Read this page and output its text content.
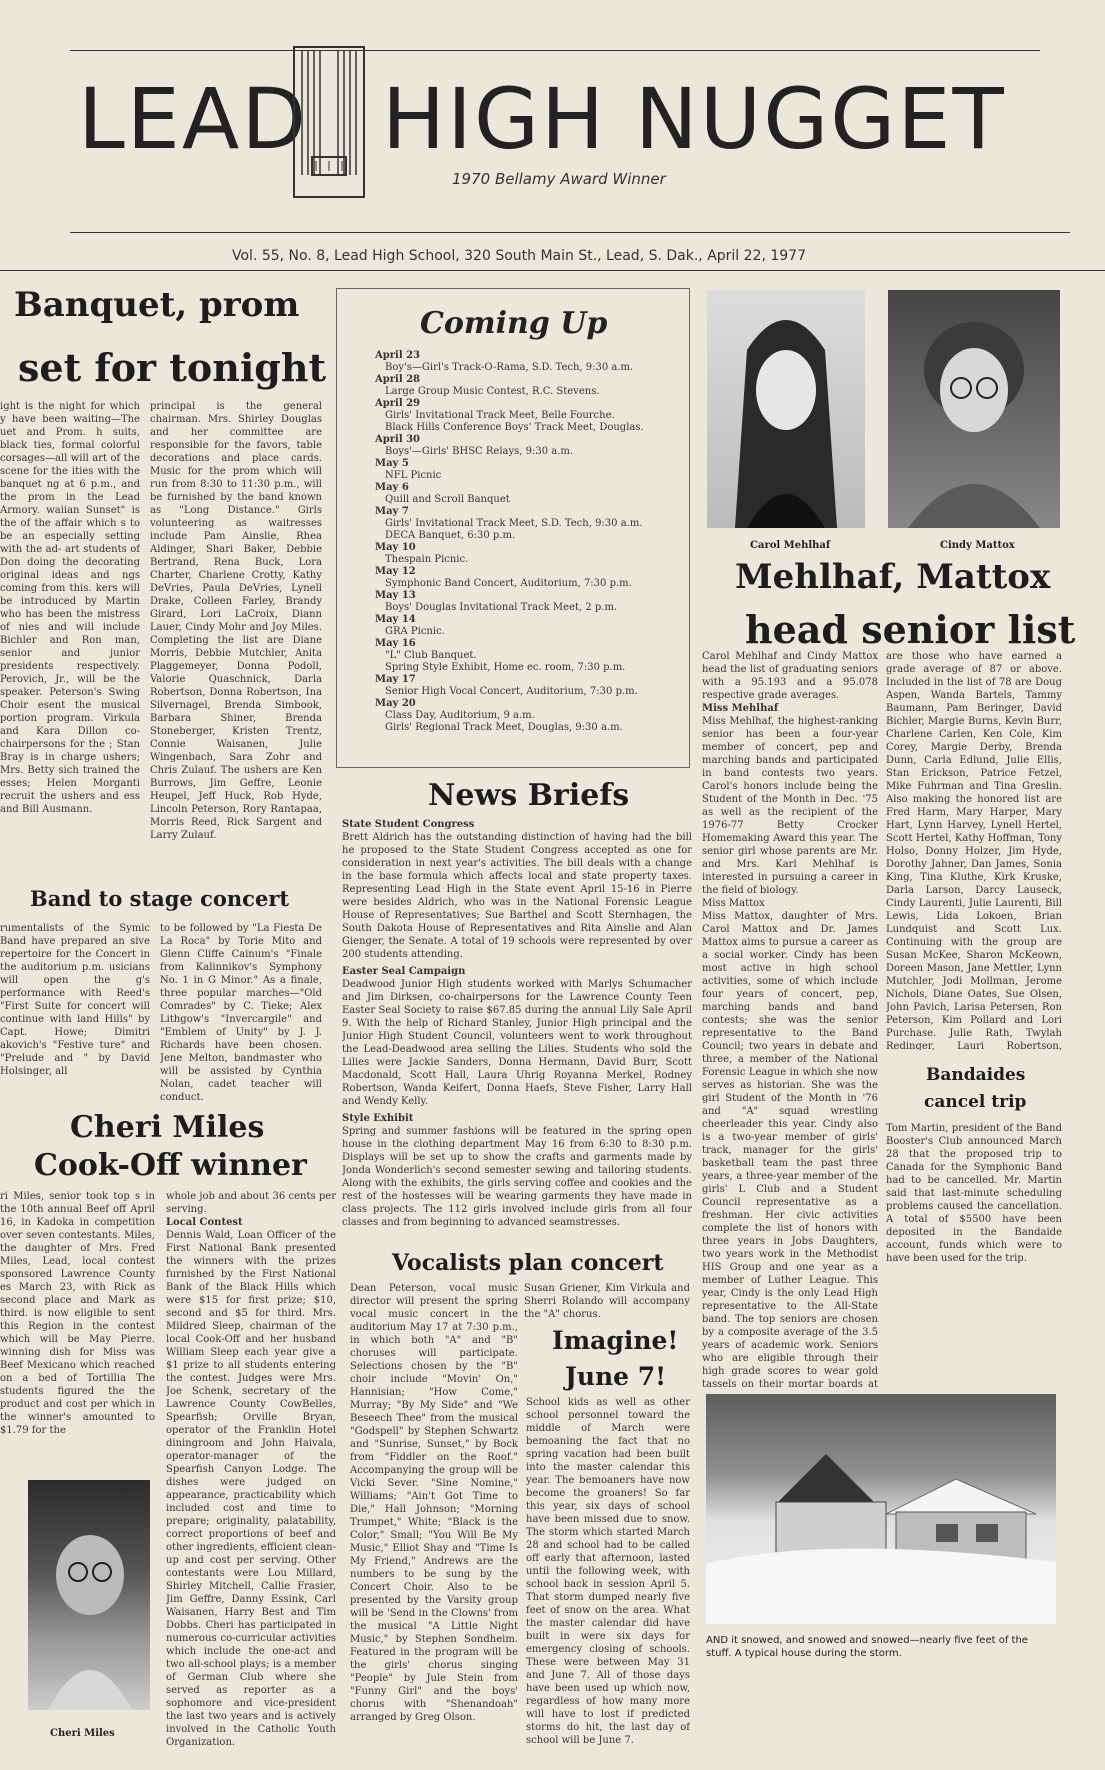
LEAD HIGH NUGGET
1970 Bellamy Award Winner
Vol. 55, No. 8, Lead High School, 320 South Main St., Lead, S. Dak., April 22, 1977
Banquet, prom
set for tonight
ight is the night for which y have been waiting—The uet and Prom. h suits, black ties, formal colorful corsages—all will art of the scene for the ities with the banquet ng at 6 p.m., and the prom in the Lead Armory. waiian Sunset" is the of the affair which s to be an especially setting with the ad- art students of Don doing the decorating original ideas and ngs coming from this. kers will be introduced by Martin who has been the mistress of nies and will include Bichler and Ron man, senior and junior presidents respectively. Perovich, Jr., will be the speaker. Peterson's Swing Choir esent the musical portion program. Virkula and Kara Dillon co-chairpersons for the ; Stan Bray is in charge ushers; Mrs. Betty sich trained the esses; Helen Morganti recruit the ushers and ess and Bill Ausmann.
principal is the general chairman. Mrs. Shirley Douglas and her committee are responsible for the favors, table decorations and place cards. Music for the prom which will run from 8:30 to 11:30 p.m., will be furnished by the band known as "Long Distance." Girls volunteering as waitresses include Pam Ainslie, Rhea Aldinger, Shari Baker, Debbie Bertrand, Rena Buck, Lora Charter, Charlene Crotty, Kathy DeVries, Paula DeVries, Lynell Drake, Colleen Farley, Brandy Girard, Lori LaCroix, Diann Lauer, Cindy Mohr and Joy Miles. Completing the list are Diane Morris, Debbie Mutchler, Anita Plaggemeyer, Donna Podoll, Valorie Quaschnick, Darla Robertson, Donna Robertson, Ina Silvernagel, Brenda Simbook, Barbara Shiner, Brenda Stoneberger, Kristen Trentz, Connie Waisanen, Julie Wingenbach, Sara Zohr and Chris Zulauf. The ushers are Ken Burrows, Jim Geffre, Leonie Heupel, Jeff Huck, Rob Hyde, Lincoln Peterson, Rory Rantapaa, Morris Reed, Rick Sargent and Larry Zulauf.
Band to stage concert
rumentalists of the Symic Band have prepared an sive repertoire for the Concert in the auditorium p.m. usicians will open the g's performance with Reed's "First Suite for concert will continue with land Hills" by Capt. Howe; Dimitri akovich's "Festive ture" and "Prelude and " by David Holsinger, all
to be followed by "La Fiesta De La Roca" by Torie Mito and Glenn Cliffe Cainum's "Finale from Kalinnikov's Symphony No. 1 in G Minor." As a finale, three popular marches—"Old Comrades" by C. Tieke; Alex Lithgow's "Invercargile" and "Emblem of Unity" by J. J. Richards have been chosen. Jene Melton, bandmaster who will be assisted by Cynthia Nolan, cadet teacher will conduct.
Cheri Miles
Cook-Off winner
ri Miles, senior took top s in the 10th annual Beef off April 16, in Kadoka in competition over seven contestants. Miles, the daughter of Mrs. Fred Miles, Lead, local contest sponsored Lawrence County es March 23, with Rick as second place and Mark as third. is now eligible to sent this Region in the contest which will be May Pierre. winning dish for Miss was Beef Mexicano which reached on a bed of Tortillia The students figured the the product and cost per which in the winner's amounted to $1.79 for the
whole job and about 36 cents per serving.
Local Contest
Dennis Wald, Loan Officer of the First National Bank presented the winners with the prizes furnished by the First National Bank of the Black Hills which were $15 for first prize; $10, second and $5 for third. Mrs. Mildred Sleep, chairman of the local Cook-Off and her husband William Sleep each year give a $1 prize to all students entering the contest. Judges were Mrs. Joe Schenk, secretary of the Lawrence County CowBelles, Spearfish; Orville Bryan, operator of the Franklin Hotel diningroom and John Haivala, operator-manager of the Spearfish Canyon Lodge. The dishes were judged on appearance, practicability which included cost and time to prepare; originality, palatability, correct proportions of beef and other ingredients, efficient clean-up and cost per serving. Other contestants were Lou Millard, Shirley Mitchell, Callie Frasier, Jim Geffre, Danny Essink, Carl Waisanen, Harry Best and Tim Dobbs. Cheri has participated in numerous co-curricular activities which include the one-act and two all-school plays; is a member of German Club where she served as reporter as a sophomore and vice-president the last two years and is actively involved in the Catholic Youth Organization.
Cheri Miles
Coming Up
April 23
Boy's—Girl's Track-O-Rama, S.D. Tech, 9:30 a.m.
April 28
Large Group Music Contest, R.C. Stevens.
April 29
Girls' Invitational Track Meet, Belle Fourche.
Black Hills Conference Boys' Track Meet, Douglas.
April 30
Boys'—Girls' BHSC Relays, 9:30 a.m.
May 5
NFL Picnic
May 6
Quill and Scroll Banquet
May 7
Girls' Invitational Track Meet, S.D. Tech, 9:30 a.m.
DECA Banquet, 6:30 p.m.
May 10
Thespain Picnic.
May 12
Symphonic Band Concert, Auditorium, 7:30 p.m.
May 13
Boys' Douglas Invitational Track Meet, 2 p.m.
May 14
GRA Picnic.
May 16
"L" Club Banquet.
Spring Style Exhibit, Home ec. room, 7:30 p.m.
May 17
Senior High Vocal Concert, Auditorium, 7:30 p.m.
May 20
Class Day, Auditorium, 9 a.m.
Girls' Regional Track Meet, Douglas, 9:30 a.m.
News Briefs
State Student Congress
Brett Aldrich has the outstanding distinction of having had the bill he proposed to the State Student Congress accepted as one for consideration in next year's activities. The bill deals with a change in the base formula which affects local and state property taxes. Representing Lead High in the State event April 15-16 in Pierre were besides Aldrich, who was in the National Forensic League House of Representatives; Sue Barthel and Scott Sternhagen, the South Dakota House of Representatives and Rita Ainslie and Alan Gienger, the Senate. A total of 19 schools were represented by over 200 students attending.
Easter Seal Campaign
Deadwood Junior High students worked with Marlys Schumacher and Jim Dirksen, co-chairpersons for the Lawrence County Teen Easter Seal Society to raise $67.85 during the annual Lily Sale April 9. With the help of Richard Stanley, Junior High principal and the Junior High Student Council, volunteers went to work throughout the Lead-Deadwood area selling the Lilies. Students who sold the Lilies were Jackie Sanders, Donna Hermann, David Burr, Scott Macdonald, Scott Hall, Laura Uhrig Royanna Merkel, Rodney Robertson, Wanda Keifert, Donna Haefs, Steve Fisher, Larry Hall and Wendy Kelly.
Style Exhibit
Spring and summer fashions will be featured in the spring open house in the clothing department May 16 from 6:30 to 8:30 p.m. Displays will be set up to show the crafts and garments made by Jonda Wonderlich's second semester sewing and tailoring students. Along with the exhibits, the girls serving coffee and cookies and the rest of the hostesses will be wearing garments they have made in class projects. The 112 girls involved include girls from all four classes and from beginning to advanced seamstresses.
Vocalists plan concert
Dean Peterson, vocal music director will present the spring vocal music concert in the auditorium May 17 at 7:30 p.m., in which both "A" and "B" choruses will participate. Selections chosen by the "B" choir include "Movin' On," Hannisian; "How Come," Murray; "By My Side" and "We Beseech Thee" from the musical "Godspell" by Stephen Schwartz and "Sunrise, Sunset," by Bock from "Fiddler on the Roof." Accompanying the group will be Vicki Sever. "Sine Nomine," Williams; "Ain't Got Time to Die," Hall Johnson; "Morning Trumpet," White; "Black is the Color," Small; "You Will Be My Music," Elliot Shay and "Time Is My Friend," Andrews are the numbers to be sung by the Concert Choir. Also to be presented by the Varsity group will be 'Send in the Clowns' from the musical "A Little Night Music," by Stephen Sondheim. Featured in the program will be the girls' chorus singing "People" by Jule Stein from "Funny Girl" and the boys' chorus with "Shenandoah" arranged by Greg Olson.
Susan Griener, Kim Virkula and Sherri Rolando will accompany the "A" chorus.
Imagine!
June 7!
School kids as well as other school personnel toward the middle of March were bemoaning the fact that no spring vacation had been built into the master calendar this year. The bemoaners have now become the groaners! So far this year, six days of school have been missed due to snow. The storm which started March 28 and school had to be called off early that afternoon, lasted until the following week, with school back in session April 5. That storm dumped nearly five feet of snow on the area. What the master calendar did have built in were six days for emergency closing of schools. These were between May 31 and June 7. All of those days have been used up which now, regardless of how many more will have to lost if predicted storms do hit, the last day of school will be June 7.
Carol Mehlhaf	Cindy Mattox
Mehlhaf, Mattox
head senior list
Carol Mehlhaf and Cindy Mattox head the list of graduating seniors with a 95.193 and a 95.078 respective grade averages.
Miss Mehlhaf
Miss Mehlhaf, the highest-ranking senior has been a four-year member of concert, pep and marching bands and participated in band contests two years. Carol's honors include being the Student of the Month in Dec. '75 as well as the recipient of the 1976-77 Betty Crocker Homemaking Award this year. The senior girl whose parents are Mr. and Mrs. Karl Mehlhaf is interested in pursuing a career in the field of biology.
Miss Mattox
Miss Mattox, daughter of Mrs. Carol Mattox and Dr. James Mattox aims to pursue a career as a social worker. Cindy has been most active in high school activities, some of which include four years of concert, pep, marching bands and band contests; she was the senior representative to the Band Council; two years in debate and three, a member of the National Forensic League in which she now serves as historian. She was the girl Student of the Month in '76 and "A" squad wrestling cheerleader this year. Cindy also is a two-year member of girls' track, manager for the girls' basketball team the past three years, a three-year member of the girls' L Club and a Student Council representative as a freshman. Her civic activities complete the list of honors with three years in Jobs Daughters, two years work in the Methodist HIS Group and one year as a member of Luther League. This year, Cindy is the only Lead High representative to the All-State band. The top seniors are chosen by a composite average of the 3.5 years of academic work. Seniors who are eligible through their high grade scores to wear gold tassels on their mortar boards at
are those who have earned a grade average of 87 or above. Included in the list of 78 are Doug Aspen, Wanda Bartels, Tammy Baumann, Pam Beringer, David Bichler, Margie Burns, Kevin Burr, Charlene Carlen, Ken Cole, Kim Corey, Margie Derby, Brenda Dunn, Carla Edlund, Julie Ellis, Stan Erickson, Patrice Fetzel, Mike Fuhrman and Tina Greslin. Also making the honored list are Fred Harm, Mary Harper, Mary Hart, Lynn Harvey, Lynell Hertel, Scott Hertel, Kathy Hoffman, Tony Holso, Donny Holzer, Jim Hyde, Dorothy Jahner, Dan James, Sonia King, Tina Kluthe, Kirk Kruske, Darla Larson, Darcy Lauseck, Cindy Laurenti, Julie Laurenti, Bill Lewis, Lida Lokoen, Brian Lundquist and Scott Lux. Continuing with the group are Susan McKee, Sharon McKeown, Doreen Mason, Jane Mettler, Lynn Mutchler, Jodi Mollman, Jerome Nichols, Diane Oates, Sue Olsen, John Pavich, Larisa Petersen, Ron Peterson, Kim Pollard and Lori Purchase. Julie Rath, Twylah Redinger, Lauri Robertson,
Bandaides
cancel trip
Tom Martin, president of the Band Booster's Club announced March 28 that the proposed trip to Canada for the Symphonic Band had to be cancelled. Mr. Martin said that last-minute scheduling problems caused the cancellation. A total of $5500 have been deposited in the Bandaide account, funds which were to have been used for the trip.
AND it snowed, and snowed and snowed—nearly five feet of the stuff. A typical house during the storm.
